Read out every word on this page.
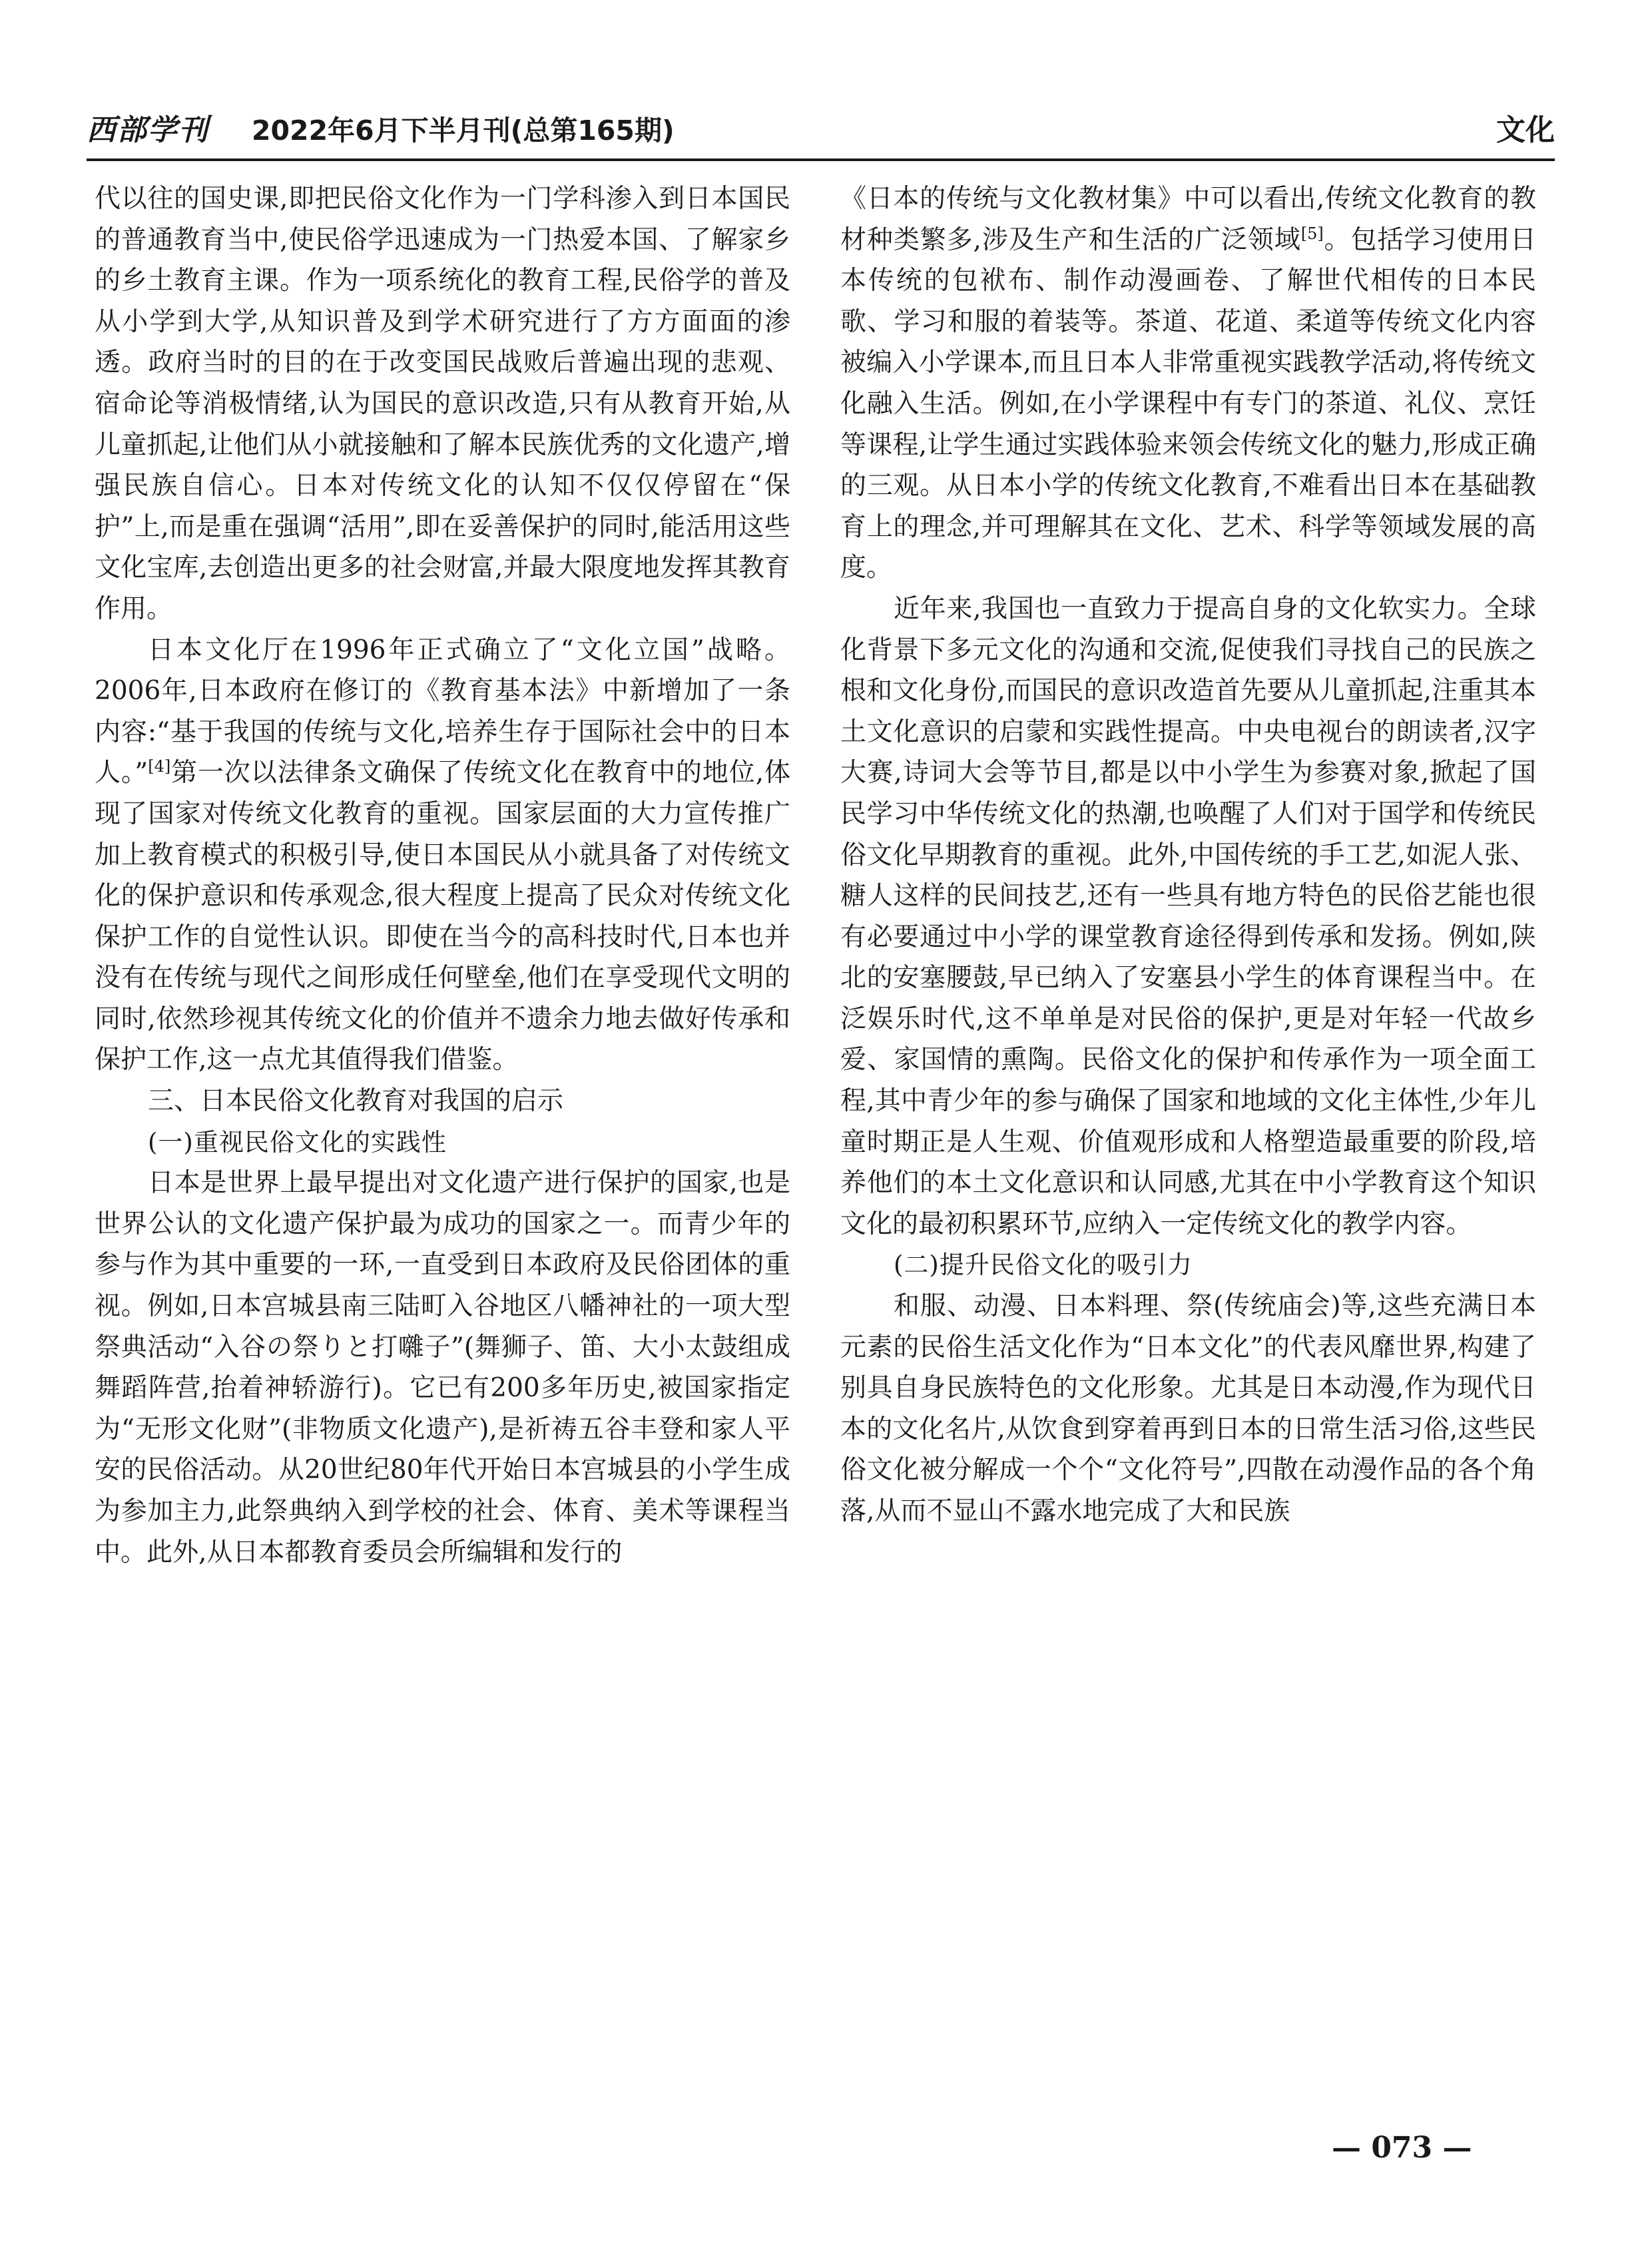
西部学刊 2022年6月下半月刊(总第165期)	文化

代以往的国史课,即把民俗文化作为一门学科渗入到日本国民的普通教育当中,使民俗学迅速成为一门热爱本国、了解家乡的乡土教育主课。作为一项系统化的教育工程,民俗学的普及从小学到大学,从知识普及到学术研究进行了方方面面的渗透。政府当时的目的在于改变国民战败后普遍出现的悲观、宿命论等消极情绪,认为国民的意识改造,只有从教育开始,从儿童抓起,让他们从小就接触和了解本民族优秀的文化遗产,增强民族自信心。日本对传统文化的认知不仅仅停留在“保护”上,而是重在强调“活用”,即在妥善保护的同时,能活用这些文化宝库,去创造出更多的社会财富,并最大限度地发挥其教育作用。

日本文化厅在1996年正式确立了“文化立国”战略。2006年,日本政府在修订的《教育基本法》中新增加了一条内容:“基于我国的传统与文化,培养生存于国际社会中的日本人。”[4]第一次以法律条文确保了传统文化在教育中的地位,体现了国家对传统文化教育的重视。国家层面的大力宣传推广加上教育模式的积极引导,使日本国民从小就具备了对传统文化的保护意识和传承观念,很大程度上提高了民众对传统文化保护工作的自觉性认识。即使在当今的高科技时代,日本也并没有在传统与现代之间形成任何壁垒,他们在享受现代文明的同时,依然珍视其传统文化的价值并不遗余力地去做好传承和保护工作,这一点尤其值得我们借鉴。

三、日本民俗文化教育对我国的启示

(一)重视民俗文化的实践性

日本是世界上最早提出对文化遗产进行保护的国家,也是世界公认的文化遗产保护最为成功的国家之一。而青少年的参与作为其中重要的一环,一直受到日本政府及民俗团体的重视。例如,日本宫城县南三陆町入谷地区八幡神社的一项大型祭典活动“入谷の祭りと打囃子”(舞狮子、笛、大小太鼓组成舞蹈阵营,抬着神轿游行)。它已有200多年历史,被国家指定为“无形文化财”(非物质文化遗产),是祈祷五谷丰登和家人平安的民俗活动。从20世纪80年代开始日本宫城县的小学生成为参加主力,此祭典纳入到学校的社会、体育、美术等课程当中。此外,从日本都教育委员会所编辑和发行的

《日本的传统与文化教材集》中可以看出,传统文化教育的教材种类繁多,涉及生产和生活的广泛领域[5]。包括学习使用日本传统的包袱布、制作动漫画卷、了解世代相传的日本民歌、学习和服的着装等。茶道、花道、柔道等传统文化内容被编入小学课本,而且日本人非常重视实践教学活动,将传统文化融入生活。例如,在小学课程中有专门的茶道、礼仪、烹饪等课程,让学生通过实践体验来领会传统文化的魅力,形成正确的三观。从日本小学的传统文化教育,不难看出日本在基础教育上的理念,并可理解其在文化、艺术、科学等领域发展的高度。

近年来,我国也一直致力于提高自身的文化软实力。全球化背景下多元文化的沟通和交流,促使我们寻找自己的民族之根和文化身份,而国民的意识改造首先要从儿童抓起,注重其本土文化意识的启蒙和实践性提高。中央电视台的朗读者,汉字大赛,诗词大会等节目,都是以中小学生为参赛对象,掀起了国民学习中华传统文化的热潮,也唤醒了人们对于国学和传统民俗文化早期教育的重视。此外,中国传统的手工艺,如泥人张、糖人这样的民间技艺,还有一些具有地方特色的民俗艺能也很有必要通过中小学的课堂教育途径得到传承和发扬。例如,陕北的安塞腰鼓,早已纳入了安塞县小学生的体育课程当中。在泛娱乐时代,这不单单是对民俗的保护,更是对年轻一代故乡爱、家国情的熏陶。民俗文化的保护和传承作为一项全面工程,其中青少年的参与确保了国家和地域的文化主体性,少年儿童时期正是人生观、价值观形成和人格塑造最重要的阶段,培养他们的本土文化意识和认同感,尤其在中小学教育这个知识文化的最初积累环节,应纳入一定传统文化的教学内容。

(二)提升民俗文化的吸引力

和服、动漫、日本料理、祭(传统庙会)等,这些充满日本元素的民俗生活文化作为“日本文化”的代表风靡世界,构建了别具自身民族特色的文化形象。尤其是日本动漫,作为现代日本的文化名片,从饮食到穿着再到日本的日常生活习俗,这些民俗文化被分解成一个个“文化符号”,四散在动漫作品的各个角落,从而不显山不露水地完成了大和民族

— 073 —
